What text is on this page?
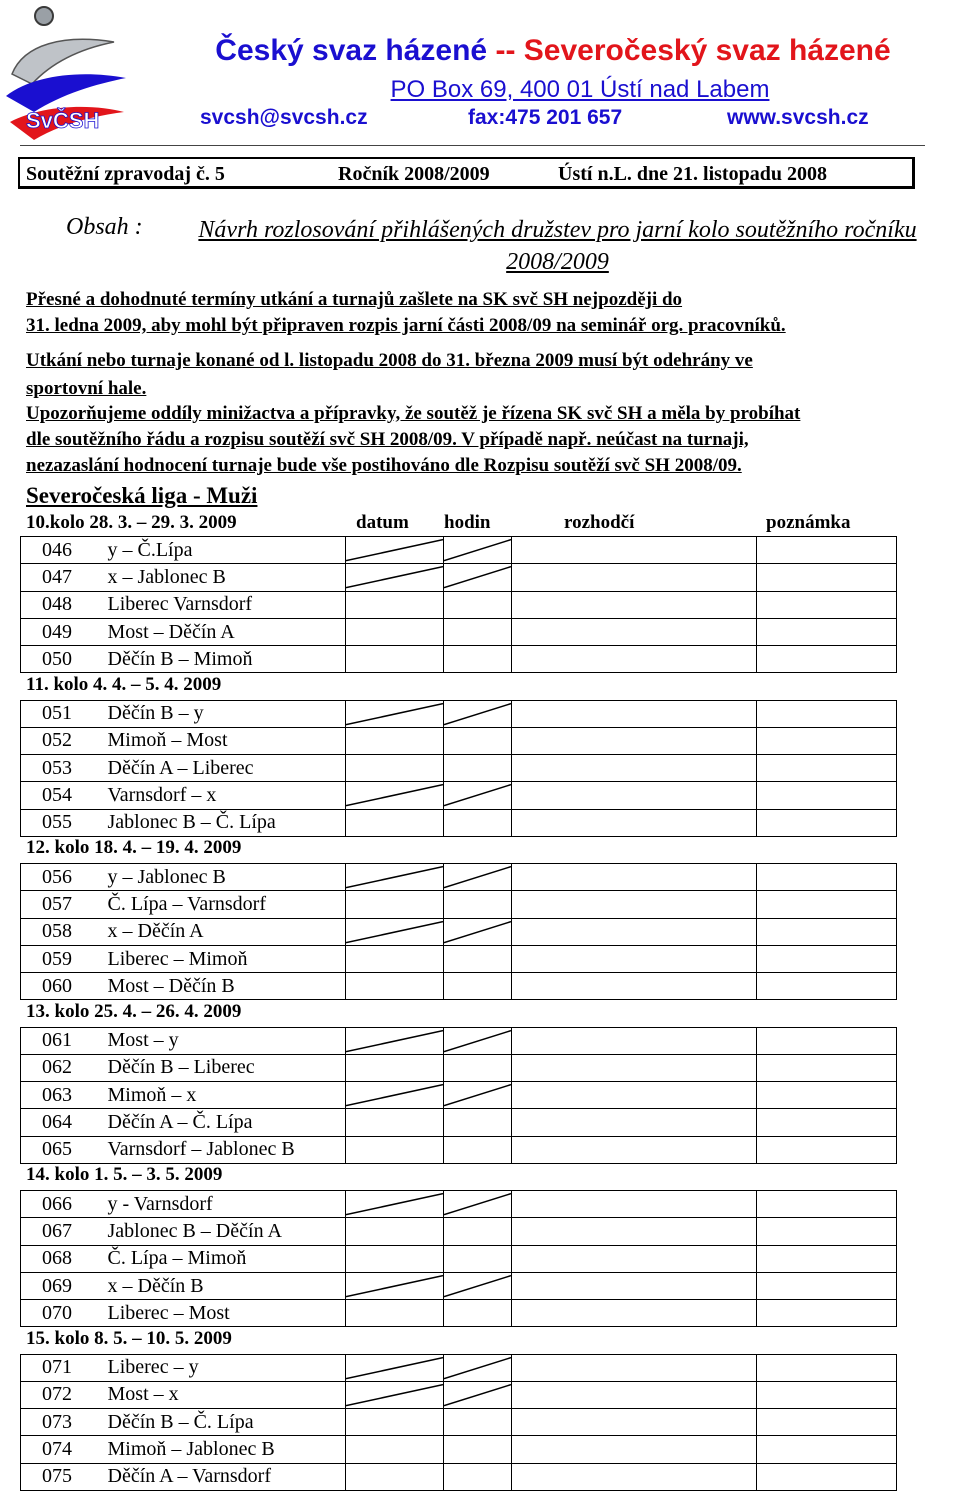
SvČSH
Český svaz házené -- Severočeský svaz házené
PO Box 69, 400 01 Ústí nad Labem
svcsh@svcsh.cz	fax:475 201 657	www.svcsh.cz
Soutěžní zpravodaj č. 5	Ročník 2008/2009	Ústí n.L. dne 21. listopadu 2008
Obsah :	Návrh rozlosování přihlášených družstev pro jarní kolo soutěžního ročníku 2008/2009
Přesné a dohodnuté termíny utkání a turnajů zašlete na SK svč SH nejpozději do
31. ledna 2009, aby mohl být připraven rozpis jarní části 2008/09 na seminář org. pracovníků.
Utkání nebo turnaje konané od l. listopadu 2008 do 31. března 2009 musí být odehrány ve
sportovní hale.
Upozorňujeme oddíly minižactva a přípravky, že soutěž je řízena SK svč SH a měla by probíhat
dle soutěžního řádu a rozpisu soutěží svč SH 2008/09. V případě např. neúčast na turnaji,
nezazaslání hodnocení turnaje bude vše postihováno dle Rozpisu soutěží svč SH 2008/09.
Severočeská liga - Muži
10.kolo 28. 3. – 29. 3. 2009	datum hodin	rozhodčí	poznámka
046	y – Č.Lípa	

047	x – Jablonec B	

048	Liberec Varnsdorf				
049	Most – Děčín A				
050	Děčín B – Mimoň				
11. kolo 4. 4. – 5. 4. 2009
051	Děčín B – y	

052	Mimoň – Most				
053	Děčín A – Liberec				
054	Varnsdorf – x	

055	Jablonec B – Č. Lípa				
12. kolo 18. 4. – 19. 4. 2009
056	y – Jablonec B	

057	Č. Lípa – Varnsdorf				
058	x – Děčín A	

059	Liberec – Mimoň				
060	Most – Děčín B				
13. kolo 25. 4. – 26. 4. 2009
061	Most – y	

062	Děčín B – Liberec				
063	Mimoň – x	

064	Děčín A – Č. Lípa				
065	Varnsdorf – Jablonec B				
14. kolo 1. 5. – 3. 5. 2009
066	y - Varnsdorf	

067	Jablonec B – Děčín A				
068	Č. Lípa – Mimoň				
069	x – Děčín B	

070	Liberec – Most				
15. kolo 8. 5. – 10. 5. 2009
071	Liberec – y	

072	Most – x	

073	Děčín B – Č. Lípa				
074	Mimoň – Jablonec B				
075	Děčín A – Varnsdorf				
